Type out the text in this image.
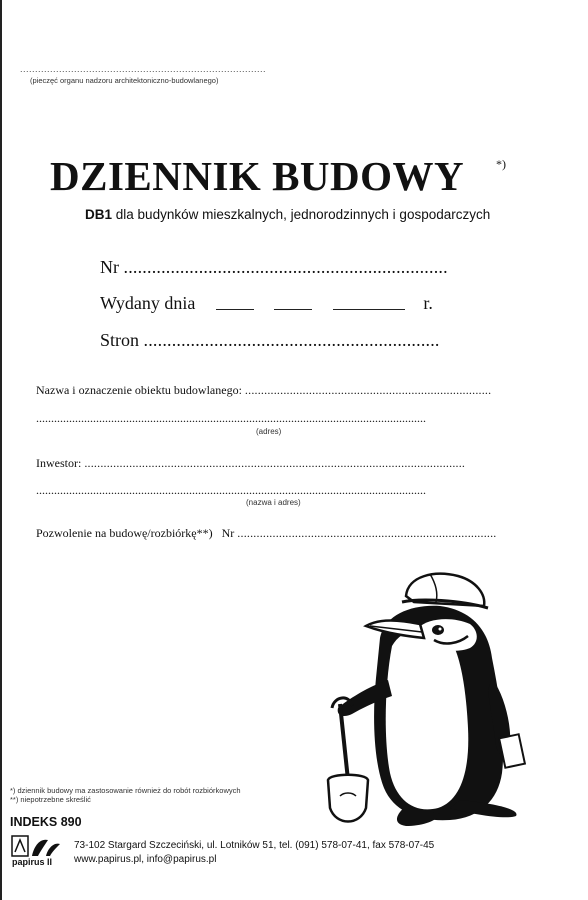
..................................................................................
(pieczęć organu nadzoru architektoniczno-budowlanego)
DZIENNIK BUDOWY	*)
DB1 dla budynków mieszkalnych, jednorodzinnych i gospodarczych
Nr .....................................................................
Wydany dnia	r.
Stron ...............................................................
Nazwa i oznaczenie obiektu budowlanego: .............................................................................
..................................................................................................................................
(adres)
Inwestor: .......................................................................................................................
..................................................................................................................................
(nazwa i adres)
Pozwolenie na budowę/rozbiórkę**) Nr .................................................................................
*) dziennik budowy ma zastosowanie również do robót rozbiórkowych
**) niepotrzebne skreślić
INDEKS 890
papirus II
73-102 Stargard Szczeciński, ul. Lotników 51, tel. (091) 578-07-41, fax 578-07-45
www.papirus.pl, info@papirus.pl
